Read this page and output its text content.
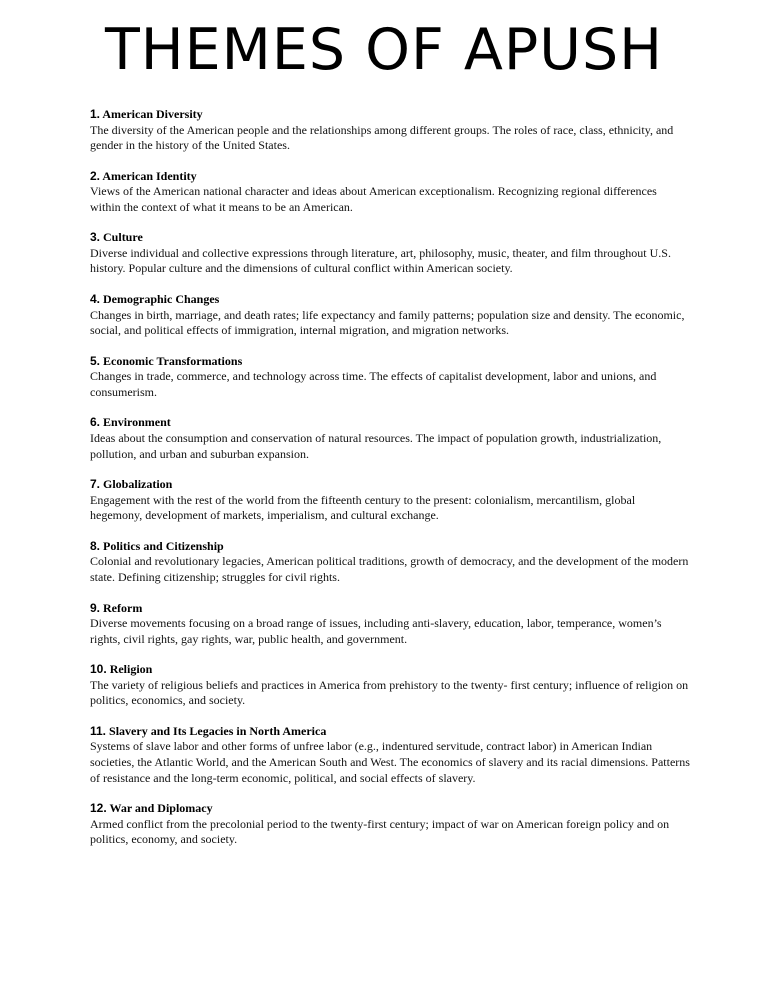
THEMES OF APUSH

1. American Diversity

The diversity of the American people and the relationships among different groups. The roles of race, class, ethnicity, and gender in the history of the United States.

2. American Identity

Views of the American national character and ideas about American exceptionalism. Recognizing regional differences within the context of what it means to be an American.

3. Culture

Diverse individual and collective expressions through literature, art, philosophy, music, theater, and film throughout U.S. history. Popular culture and the dimensions of cultural conflict within American society.

4. Demographic Changes

Changes in birth, marriage, and death rates; life expectancy and family patterns; population size and density. The economic, social, and political effects of immigration, internal migration, and migration networks.

5. Economic Transformations

Changes in trade, commerce, and technology across time. The effects of capitalist development, labor and unions, and consumerism.

6. Environment

Ideas about the consumption and conservation of natural resources. The impact of population growth, industrialization, pollution, and urban and suburban expansion.

7. Globalization

Engagement with the rest of the world from the fifteenth century to the present: colonialism, mercantilism, global hegemony, development of markets, imperialism, and cultural exchange.

8. Politics and Citizenship

Colonial and revolutionary legacies, American political traditions, growth of democracy, and the development of the modern state. Defining citizenship; struggles for civil rights.

9. Reform

Diverse movements focusing on a broad range of issues, including anti-slavery, education, labor, temperance, women’s rights, civil rights, gay rights, war, public health, and government.

10. Religion

The variety of religious beliefs and practices in America from prehistory to the twenty- first century; influence of religion on politics, economics, and society.

11. Slavery and Its Legacies in North America

Systems of slave labor and other forms of unfree labor (e.g., indentured servitude, contract labor) in American Indian societies, the Atlantic World, and the American South and West. The economics of slavery and its racial dimensions. Patterns of resistance and the long-term economic, political, and social effects of slavery.

12. War and Diplomacy

Armed conflict from the precolonial period to the twenty-first century; impact of war on American foreign policy and on politics, economy, and society.
